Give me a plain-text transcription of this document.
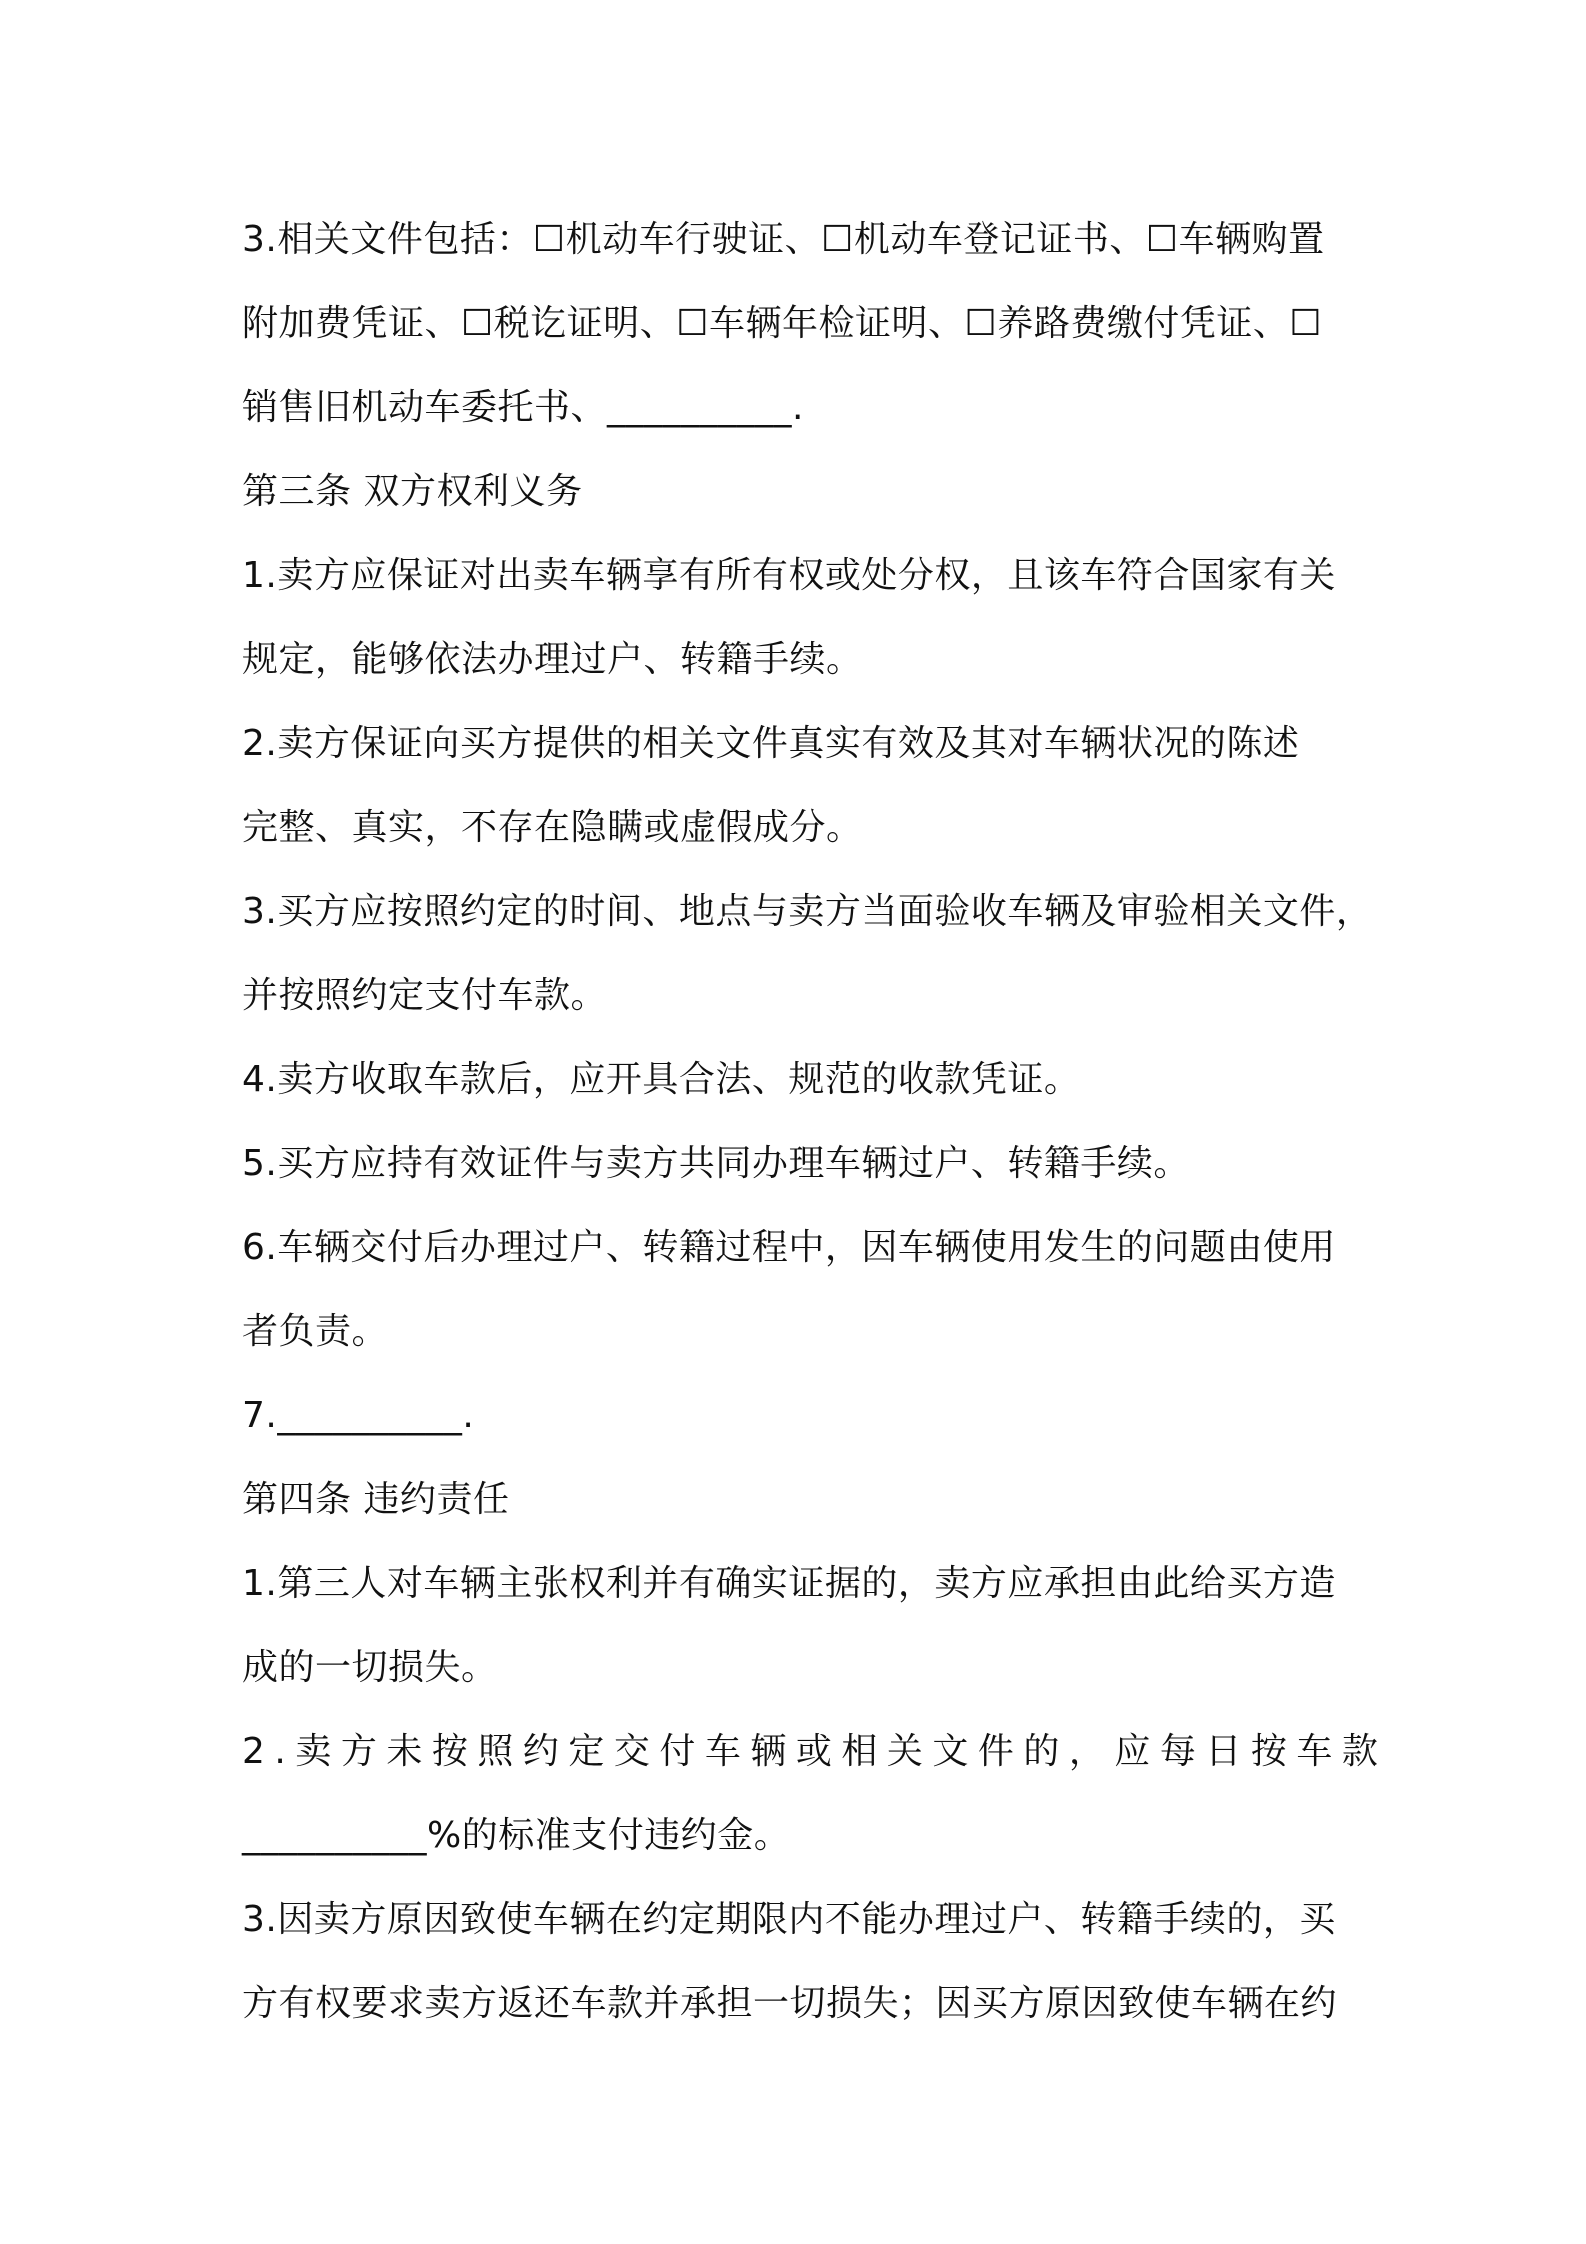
3.相关文件包括：☐机动车行驶证、☐机动车登记证书、☐车辆购置
附加费凭证、☐税讫证明、☐车辆年检证明、☐养路费缴付凭证、☐
销售旧机动车委托书、__________.
第三条 双方权利义务
1.卖方应保证对出卖车辆享有所有权或处分权，且该车符合国家有关
规定，能够依法办理过户、转籍手续。
2.卖方保证向买方提供的相关文件真实有效及其对车辆状况的陈述
完整、真实，不存在隐瞒或虚假成分。
3.买方应按照约定的时间、地点与卖方当面验收车辆及审验相关文件，
并按照约定支付车款。
4.卖方收取车款后，应开具合法、规范的收款凭证。
5.买方应持有效证件与卖方共同办理车辆过户、转籍手续。
6.车辆交付后办理过户、转籍过程中，因车辆使用发生的问题由使用
者负责。
7.__________.
第四条 违约责任
1.第三人对车辆主张权利并有确实证据的，卖方应承担由此给买方造
成的一切损失。
2.卖方未按照约定交付车辆或相关文件的，应每日按车款
__________%的标准支付违约金。
3.因卖方原因致使车辆在约定期限内不能办理过户、转籍手续的，买
方有权要求卖方返还车款并承担一切损失；因买方原因致使车辆在约
